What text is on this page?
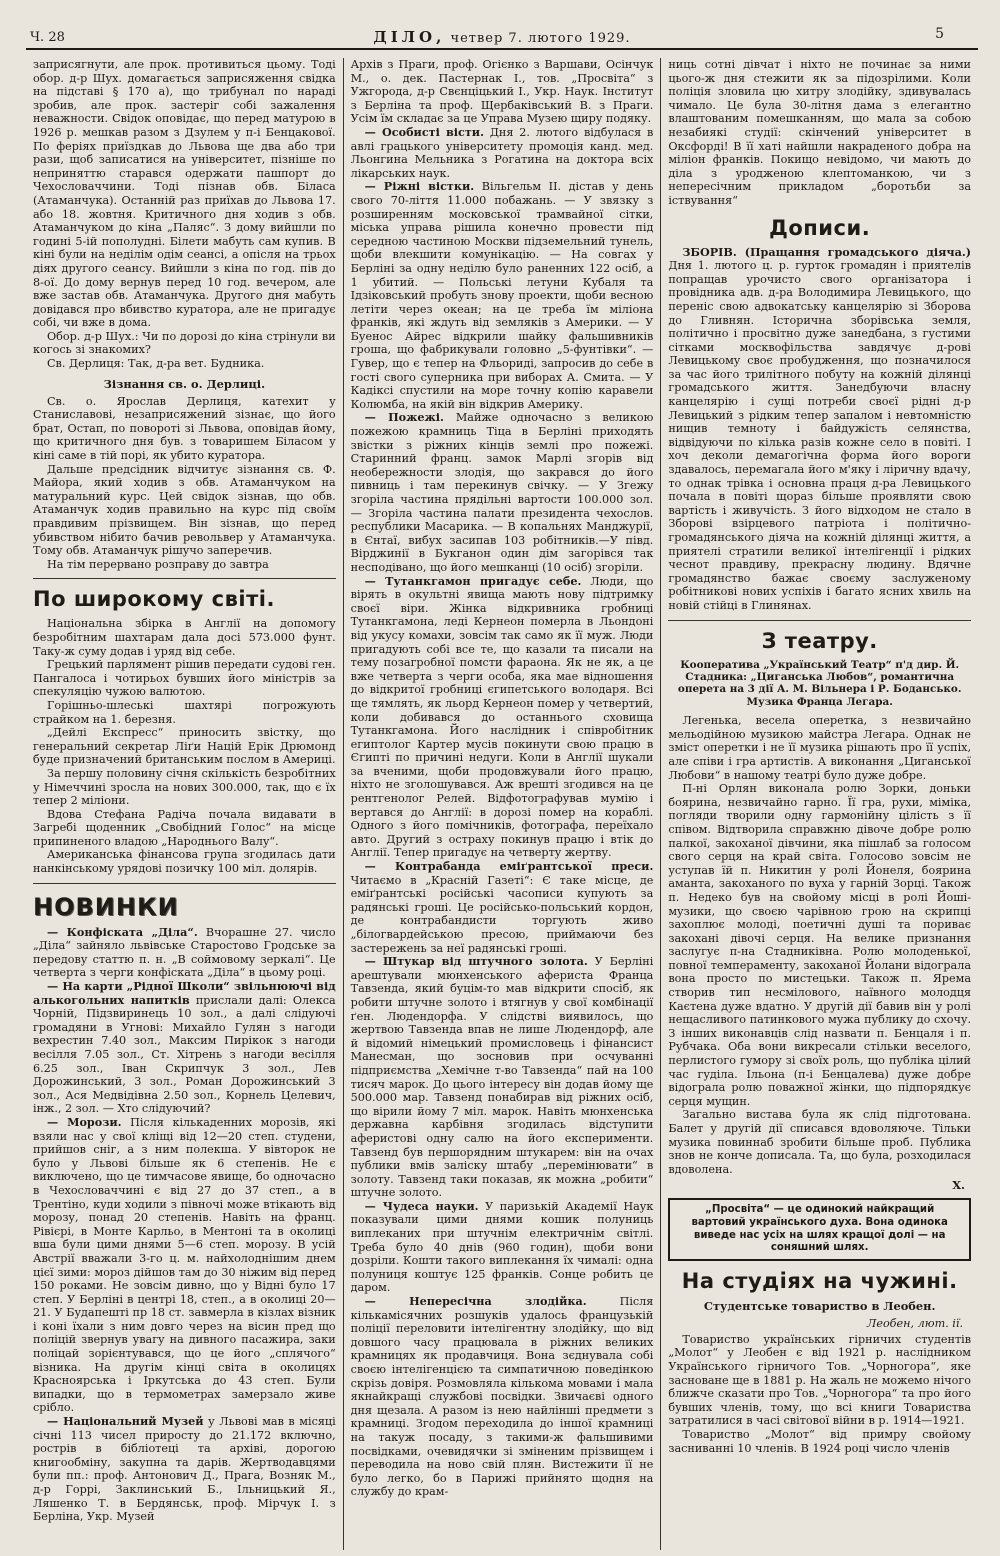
Ч. 28	ДІЛО, четвер 7. лютого 1929.	5

заприсягнути, але прок. противиться цьому. Тоді обор. д-р Шух. домагається заприсяження свідка на підставі § 170 а), що трибунал по нараді зробив, але прок. застеріг собі зажалення неважности. Свідок оповідає, що перед матурою в 1926 р. мешкав разом з Дзулем у п-і Бенцакової. По феріях приїздкав до Львова ще два або три рази, щоб записатися на університет, пізніше по неприняттю старався одержати пашпорт до Чехословаччини. Тоді пізнав обв. Біласа (Атаманчука). Останній раз приїхав до Львова 17. або 18. жовтня. Критичного дня ходив з обв. Атаманчуком до кіна „Паляс“. З дому вийшли по годині 5-ій пополудні. Білети мабуть сам купив. В кіні були на неділім одім сеансі, а опісля на трьох діях другого сеансу. Вийшли з кіна по год. пів до 8-ої. До дому вернув перед 10 год. вечером, але вже застав обв. Атаманчука. Другого дня мабуть довідався про вбивство куратора, але не пригадує собі, чи вже в дома.

Обор. д-р Шух.: Чи по дорозі до кіна стрінули ви когось зі знакомих?

Св. Дерлиця: Так, д-ра вет. Будника.

Зізнання св. о. Дерлиці.

Св. о. Ярослав Дерлиця, катехит у Станиславові, незаприсяжений зізнає, що його брат, Остап, по повороті зі Львова, оповідав йому, що критичного дня був. з товаришем Біласом у кіні саме в тій порі, як убито куратора.

Дальше предсідник відчитує зізнання св. Ф. Майора, який ходив з обв. Атаманчуком на матуральний курс. Цей свідок зізнав, що обв. Атаманчук ходив правильно на курс під своїм правдивим прізвищем. Він зізнав, що перед убивством нібито бачив револьвер у Атаманчука. Тому обв. Атаманчук рішучо заперечив.

На тім перервано розправу до завтра

По широкому світі.

Національна збірка в Англії на допомогу безробітним шахтарам дала досі 573.000 фунт. Таку-ж суму додав і уряд від себе.

Грецький парлямент рішив передати судові ген. Пангалоса і чотирьох бувших його міністрів за спекуляцію чужою валютою.

Горішньо-шлеські шахтярі погрожують страйком на 1. березня.

„Дейлі Експресс“ приносить звістку, що генеральний секретар Ліґи Націй Ерік Дрюмонд буде призначений британським послом в Америці.

За першу половину січня скількість безробітних у Німеччині зросла на нових 300.000, так, що є їх тепер 2 міліони.

Вдова Стефана Радіча почала видавати в Загребі щоденник „Свобідний Голос“ на місце припиненого владою „Народнього Валу“.

Американська фінансова група згодилась дати нанкінському урядові позичку 100 міл. долярів.

НОВИНКИ

— Конфіската „Діла“. Вчорашне 27. число „Діла“ зайняло львівське Старостово Гродське за передову статтю п. н. „В соймовому зеркалі“. Це четверта з черги конфіската „Діла“ в цьому році.

— На карти „Рідної Школи“ звільнюючі від алькогольних напитків прислали далі: Олекса Чорній, Підзвиринець 10 зол., а далі слідуючі громадяни в Угнові: Михайло Гулян з нагоди вехрестин 7.40 зол., Максим Пирікок з нагоди весілля 7.05 зол., Ст. Хітрень з нагоди весілля 6.25 зол., Іван Скрипчук 3 зол., Лев Дорожинський, 3 зол., Роман Дорожинський 3 зол., Ася Медвідівна 2.50 зол., Корнель Целевич, інж., 2 зол. — Хто слідуючий?

— Морози. Після кількаденних морозів, які взяли нас у свої кліщі від 12—20 степ. студени, прийшов сніг, а з ним полекша. У вівторок не було у Львові більше як 6 степенів. Не є виключено, що це тимчасове явище, бо одночасно в Чехословаччині є від 27 до 37 степ., а в Трентіно, куди ходили з півночі може втікають від морозу, понад 20 степенів. Навіть на франц. Рівієрі, в Монте Карльо, в Ментоні та в околиці вша були цими днями 5—6 степ. морозу. В усій Австрії вважали 3-го ц. м. найхолоднішим днем цієї зими: мороз дійшов там до 30 ніжим від перед 150 роками. Не зовсім дивно, що у Відні було 17 степ. У Берліні в центрі 18, степ., а в околиці 20—21. У Будапешті пр 18 ст. завмерла в кізлах візник і коні їхали з ним довго через на вісин пред що поліцій звернув увагу на дивного пасажира, заки поліцай зорієнтувався, що це його „сплячого“ візника. На другім кінці світа в околицях Красноярська і Іркутська до 43 степ. Були випадки, що в термометрах замерзало живе срібло.

— Національний Музей у Львові мав в місяці січні 113 чисел приросту до 21.172 включно, рострів в бібліотеці та архіві, дорогою книгообміну, закупна та дарів. Жертводавцями були пп.: проф. Антонович Д., Прага, Возняк М., д-р Горрі, Заклинський Б., Ільницький Я., Ляшенко Т. в Бердянськ, проф. Мірчук І. з Берліна, Укр. Музей

Архів з Праги, проф. Огієнко з Варшави, Осінчук М., о. дек. Пастернак І., тов. „Просвіта“ з Ужгорода, д-р Свєнціцький І., Укр. Наук. Інститут з Берліна та проф. Щербаківський В. з Праги. Усім їм складає за це Управа Музею щиру подяку.

— Особисті вісти. Дня 2. лютого відбулася в авлі грацького університету промоція канд. мед. Льонгина Мельника з Рогатина на доктора всіх лікарських наук.

— Ріжні вістки. Вільгельм II. дістав у день свого 70-ліття 11.000 побажань. — У звязку з розширенням московської трамвайної сітки, міська управа рішила конечно провести під середною частиною Москви підземельний тунель, щоби влекшити комунікацію. — На совгах у Берліні за одну неділю було раненних 122 осіб, а 1 убитий. — Польські летуни Кубаля та Ідзіковський пробуть знову проекти, щоби весною летіти через океан; на це треба їм міліона франків, які ждуть від земляків з Америки. — У Буенос Айрес відкрили шайку фальшивників гроша, що фабрикували головно „5-фунтівки“. — Гувер, що є тепер на Фльориді, запросив до себе в гості свого суперника при виборах А. Смита. — У Кадіксі спустили на море точну копію каравели Колюмба, на якій він відкрив Америку.

— Пожежі. Майже одночасно з великою пожежою крамниць Тіца в Берліні приходять звістки з ріжних кінців землі про пожежі. Старинний франц. замок Марлі згорів від необережности злодія, що закрався до його пивниць і там перекинув свічку. — У Згежу згоріла частина прядільні вартости 100.000 зол. — Згоріла частина палати президента чехослов. республики Масарика. — В копальнях Манджурії, в Єнтаї, вибух засипав 103 робітників.—У півд. Вірджинії в Букганон один дім загорівся так несподівано, що його мешканці (10 осіб) згоріли.

— Тутанкгамон пригадує себе. Люди, що вірять в окультні явища мають нову підтримку своєї віри. Жінка відкривника гробниці Тутанкгамона, леді Кернеон померла в Льондоні від укусу комахи, зовсім так само як її муж. Люди пригадують собі все те, що казали та писали на тему позагробної помсти фараона. Як не як, а це вже четверта з черги особа, яка мае відношення до відкритої гробниці єгипетського володаря. Всі ще тямлять, як льорд Кернеон помер у четвертий, коли добивався до останнього сховища Тутанкгамона. Його наслідник і співробітник египтолог Картер мусів покинути свою працю в Єгипті по причині недуги. Коли в Англії шукали за вченими, щоби продовжували його працю, ніхто не зголошувався. Аж врешті згодився на це рентгенолог Релей. Відфотографував мумію і вертався до Англії: в дорозі помер на кораблі. Одного з його помічників, фотографа, переїхало авто. Другий з остраху покинув працю і втік до Англії. Тепер пригадує на четверту жертву.

— Контрабанда еміґрантської преси. Читаємо в „Красній Газеті“: Є таке місце, де еміґрантські російські часописи купують за радянські гроші. Це російсько-польський кордон, де контрабандисти торгують живо „білогвардейською пресою, приймаючи без застережень за неї радянські гроші.

— Штукар від штучного золота. У Берліні арештували мюнхенського афериста Франца Тавзенда, який буцім-то мав відкрити спосіб, як робити штучне золото і втягнув у свої комбінації ґен. Людендорфа. У слідстві виявилось, що жертвою Тавзенда впав не лише Людендорф, але й відомий німецький промисловець і фінансист Манесман, що зосновив при осчуванні підприємства „Хемічне т-во Тавзенда“ пай на 100 тисяч марок. До цього інтересу він додав йому ще 500.000 мар. Тавзенд понабирав від ріжних осіб, що вірили йому 7 міл. марок. Навіть мюнхенська державна карбівня згодилась відступити аферистові одну салю на його експерименти. Тавзенд був першорядним штукарем: він на очах публики вмів заліску штабу „перемінювати“ в золоту. Тавзенд таки показав, як можна „робити“ штучне золото.

— Чудеса науки. У паризькій Академії Наук показували цими днями кошик полуниць виплеканих при штучнім електричнім світлі. Треба було 40 днів (960 годин), щоби вони дозріли. Кошти такого виплекання їх чималі: одна полуниця коштує 125 франків. Сонце робить це даром.

— Непересічна злодійка. Після кількамісячних розшуків удалось французькій поліції переловити інтелігентну злодійку, що від довшого часу працювала в ріжних великих крамницях як продавчиця. Вона зєднувала собі своєю інтелігенцією та симпатичною поведінкою скрізь довіря. Розмовляла кількома мовами і мала якнайкращі службові посвідки. Звичаєві одного дня щезала. А разом із нею найлінші предмети з крамниці. Згодом переходила до іншої крамниці на такуж посаду, з такими-ж фальшивими посвідками, очевидячки зі зміненим прізвищем і переводила на ново свій плян. Вистежити її не було легко, бо в Парижі прийнято щодня на службу до крам-

ниць сотні дівчат і ніхто не починає за ними цього-ж дня стежити як за підозрілими. Коли поліція зловила цю хитру злодійку, здивувалась чимало. Це була 30-літня дама з елегантно влаштованим помешканням, що мала за собою незабиякі студії: скінчений університет в Оксфорді! В її хаті найшли накраденого добра на міліон франків. Покищо невідомо, чи мають до діла з уродженою клептоманкою, чи з непересічним прикладом „боротьби за іствування“

Дописи.

ЗБОРІВ. (Пращання громадського діяча.) Дня 1. лютого ц. р. гурток громадян і приятелів попращав урочисто свого організатора і провідника адв. д-ра Володимира Левицького, що переніс свою адвокатську канцелярію зі Зборова до Гливнян. Історична зборівська земля, політично і просвітно дуже занедбана, з густими сітками москвофільства завдячує д-рові Левицькому своє пробудження, що позначилося за час його трилітного побуту на кожній ділянці громадського життя. Занедбуючи власну канцелярію і сущі потреби своєї рідні д-р Левицький з рідким тепер запалом і невтомністю нищив темноту і байдужість селянства, відвідуючи по кілька разів кожне село в повіті. І хоч деколи демагогічна форма його вороги здавалось, перемагала його м'яку і ліричну вдачу, то однак трівка і основна праця д-ра Левицького почала в повіті щораз більше проявляти свою вартість і живучість. З його відходом не стало в Зборові взірцевого патріота і політично-громадянського діяча на кожній ділянці життя, а приятелі стратили великої інтелігенції і рідких чеснот правдиву, прекрасну людину. Вдячне громадянство бажає своєму заслуженому робітникові нових успіхів і багато ясних хвиль на новій стійці в Глинянах.

З театру.

Кооператива „Український Театр“ п'д дир. Й. Стадника: „Циганська Любов“, романтична оперета на 3 дії А. М. Вільнера і Р. Бодансько. Музика Франца Легара.

Легенька, весела оперетка, з незвичайно мельодійною музикою майстра Легара. Однак не зміст оперетки і не її музика рішають про її успіх, але співи і гра артистів. А виконання „Циганської Любови“ в нашому театрі було дуже добре.

П-ні Орлян виконала ролю Зорки, доньки боярина, незвичайно гарно. Її гра, рухи, міміка, погляди творили одну гармонійну цілість з її співом. Відтворила справжню дівоче добре ролю палкої, закоханої дівчини, яка пішлаб за голосом свого серця на край світа. Голосово зовсім не уступав їй п. Никитин у ролі Йонеля, боярина аманта, закоханого по вуха у гарній Зорці. Також п. Недеко був на свойому місці в ролі Йоші-музики, що своєю чарівною грою на скрипці захоплює молоді, поетичні душі та пориває закохані дівочі серця. На велике признання заслугує п-на Стадниківна. Ролю молоденької, повної темпераменту, закоханої Йолани відограла вона просто по мистецьки. Також п. Ярема створив тип несмілового, наївного молодця Каєтена дуже вдатно. У другій дії бавив він у ролі нещасливого патинкового мужа публику до схочу. З інших виконавців слід назвати п. Бенцаля і п. Рубчака. Оба вони викресали стільки веселого, перлистого гумору зі своїх роль, що публіка цілий час гуділа. Ільона (п-і Бенцалева) дуже добре відограла ролю поважної жінки, що підпорядкує серця мущин.

Загально вистава була як слід підготована. Балет у другій дії списався вдоволяюче. Тільки музика повиннаб зробити більше проб. Публика знов не конче дописала. Та, що була, розходилася вдоволена.

Х.

„Просвіта“ — це одинокий найкращий вартовий українського духа. Вона одинока виведе нас усіх на шлях кращої долі — на соняшний шлях.

На студіях на чужині.
Студентське товариство в Леобен.
Леобен, лют. ії.

Товариство українських гірничих студентів „Молот“ у Леобен є від 1921 р. наслідником Українського гірничого Тов. „Чорногора“, яке засноване ще в 1881 р. На жаль не можемо нічого ближче сказати про Тов. „Чорногора“ та про його бувших членів, тому, що всі книги Товариства затратилися в часі світової війни в р. 1914—1921.

Товариство „Молот“ від примру свойому засниванні 10 членів. В 1924 році число членів
